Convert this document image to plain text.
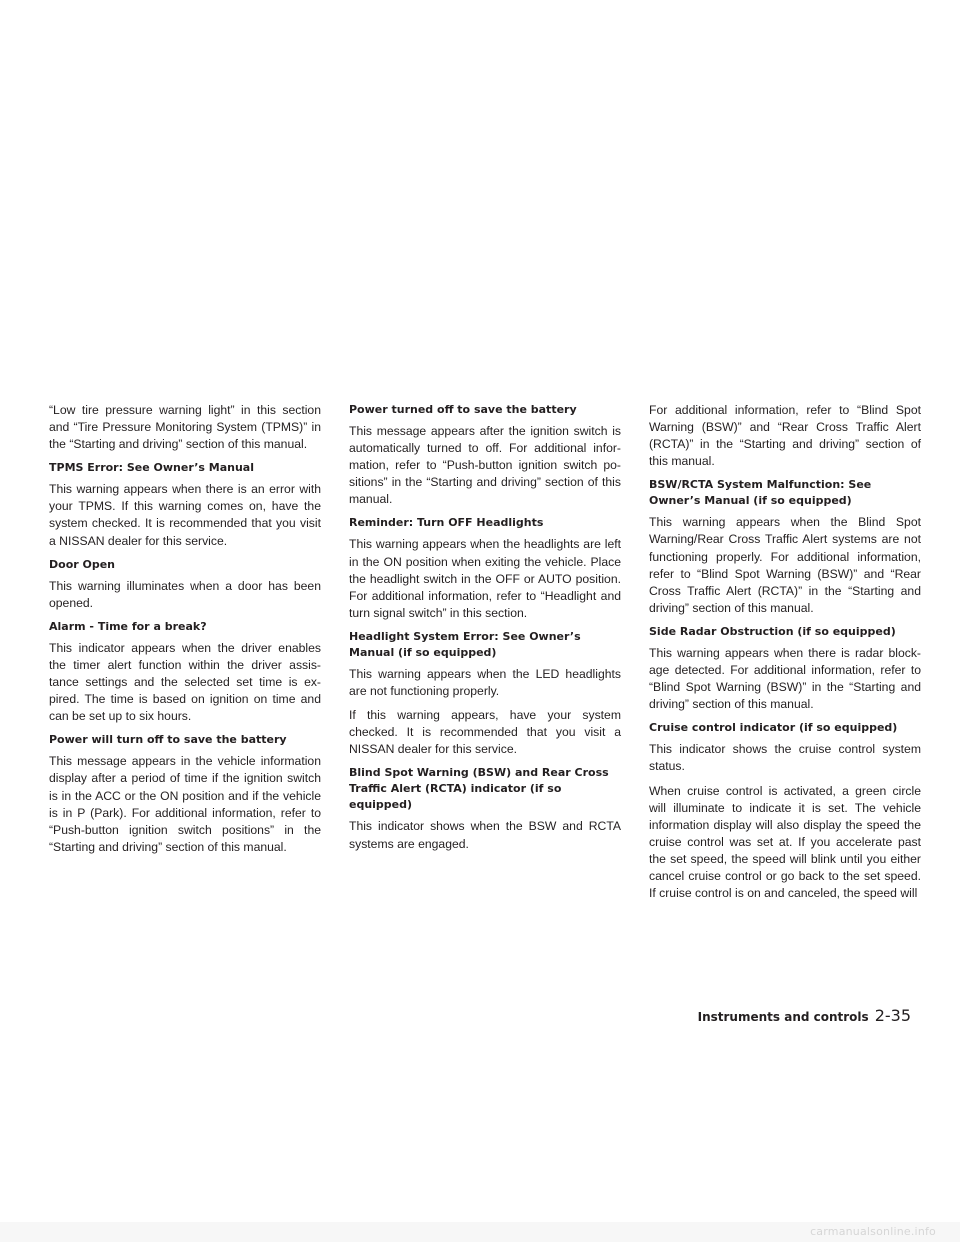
“Low tire pressure warning light” in this section and “Tire Pressure Monitoring System (TPMS)” in the “Starting and driving” section of this manual.

TPMS Error: See Owner’s Manual

This warning appears when there is an error with your TPMS. If this warning comes on, have the system checked. It is recommended that you visit a NISSAN dealer for this service.

Door Open

This warning illuminates when a door has been opened.

Alarm - Time for a break?

This indicator appears when the driver enables the timer alert function within the driver assis- tance settings and the selected set time is ex- pired. The time is based on ignition on time and can be set up to six hours.

Power will turn off to save the battery

This message appears in the vehicle information display after a period of time if the ignition switch is in the ACC or the ON position and if the vehicle is in P (Park). For additional information, refer to “Push-button ignition switch positions” in the “Starting and driving” section of this manual.

Power turned off to save the battery

This message appears after the ignition switch is automatically turned to off. For additional infor- mation, refer to “Push-button ignition switch po- sitions” in the “Starting and driving” section of this manual.

Reminder: Turn OFF Headlights

This warning appears when the headlights are left in the ON position when exiting the vehicle. Place the headlight switch in the OFF or AUTO position. For additional information, refer to “Headlight and turn signal switch” in this section.

Headlight System Error: See Owner’s Manual (if so equipped)

This warning appears when the LED headlights are not functioning properly.

If this warning appears, have your system checked. It is recommended that you visit a NISSAN dealer for this service.

Blind Spot Warning (BSW) and Rear Cross Traffic Alert (RCTA) indicator (if so equipped)

This indicator shows when the BSW and RCTA systems are engaged.

For additional information, refer to “Blind Spot Warning (BSW)” and “Rear Cross Traffic Alert (RCTA)” in the “Starting and driving” section of this manual.

BSW/RCTA System Malfunction: See Owner’s Manual (if so equipped)

This warning appears when the Blind Spot Warning/Rear Cross Traffic Alert systems are not functioning properly. For additional information, refer to “Blind Spot Warning (BSW)” and “Rear Cross Traffic Alert (RCTA)” in the “Starting and driving” section of this manual.

Side Radar Obstruction (if so equipped)

This warning appears when there is radar block- age detected. For additional information, refer to “Blind Spot Warning (BSW)” in the “Starting and driving” section of this manual.

Cruise control indicator (if so equipped)

This indicator shows the cruise control system status.

When cruise control is activated, a green circle will illuminate to indicate it is set. The vehicle information display will also display the speed the cruise control was set at. If you accelerate past the set speed, the speed will blink until you either cancel cruise control or go back to the set speed. If cruise control is on and canceled, the speed will

Instruments and controls 2-35
carmanualsonline.info
